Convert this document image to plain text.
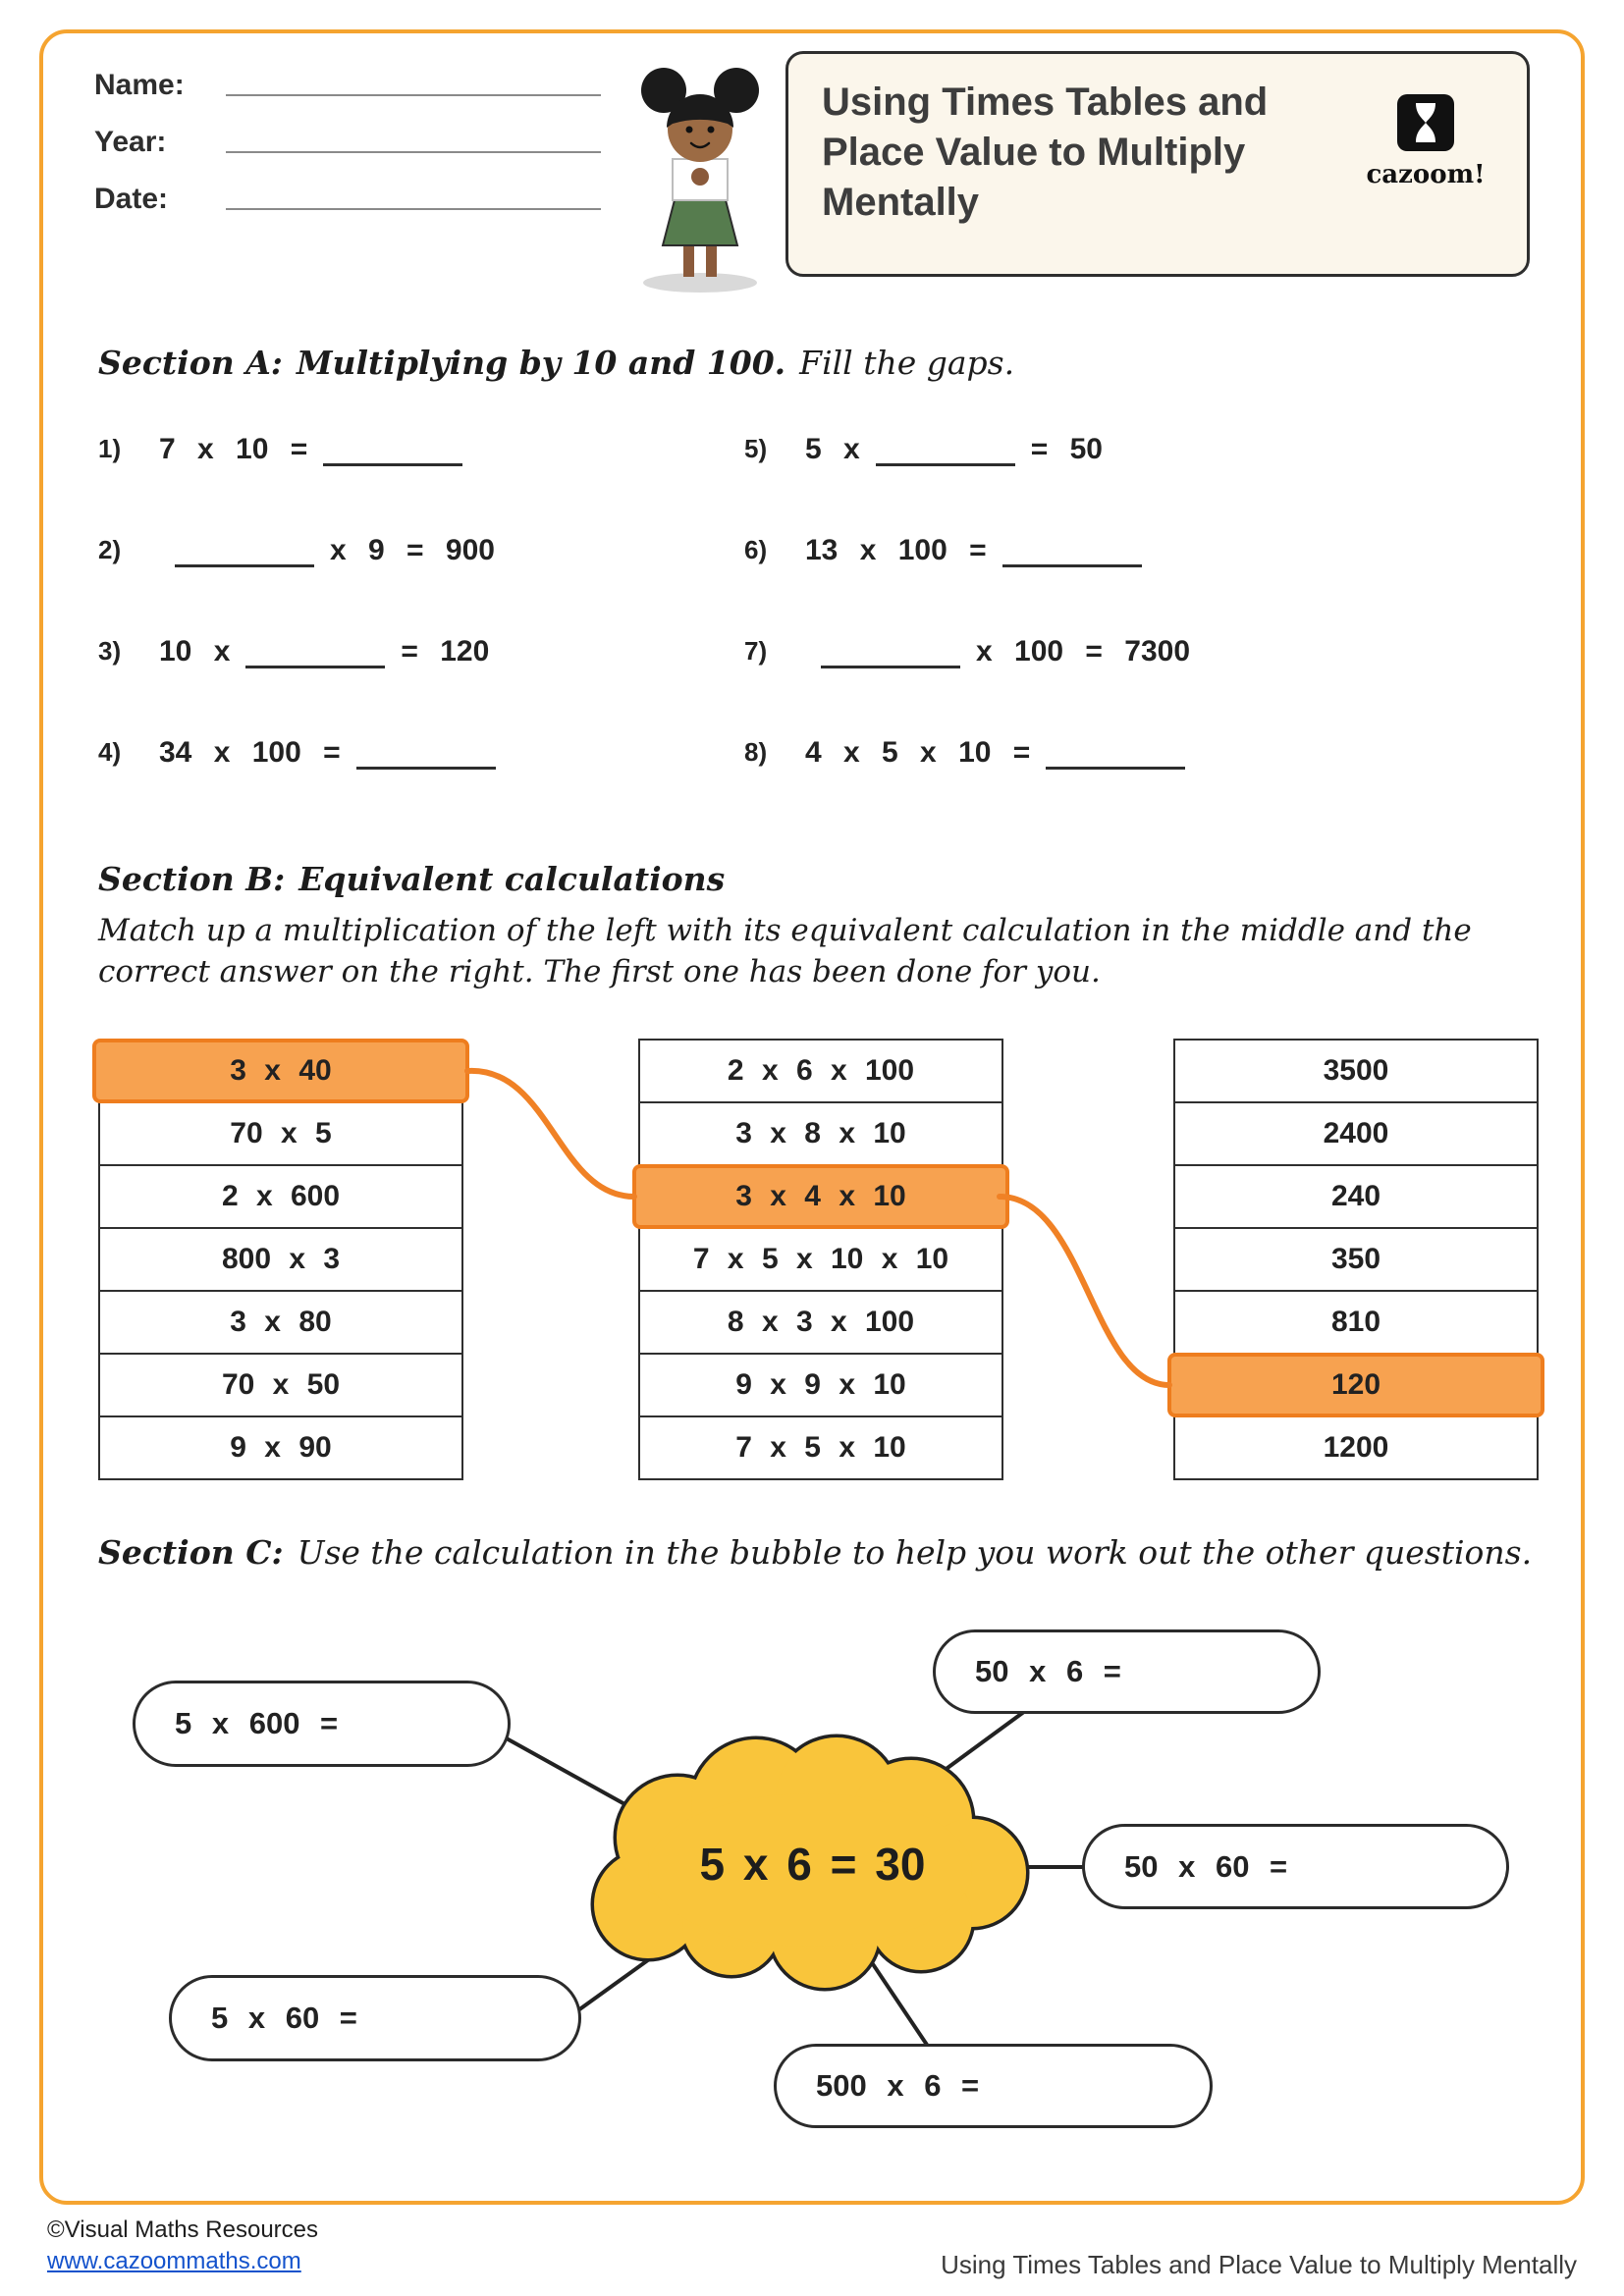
Name:
Year:
Date:
Using Times Tables and Place Value to Multiply Mentally
cazoom!
Section A: Multiplying by 10 and 100. Fill the gaps.
1)	7 x 10 =	5)	5 x	= 50
2)	x 9 = 900	6)	13 x 100 =
3)	10 x	= 120	7)	x 100 = 7300
4)	34 x 100 =	8)	4 x 5 x 10 =
Section B: Equivalent calculations
Match up a multiplication of the left with its equivalent calculation in the middle and the correct answer on the right. The first one has been done for you.
3 x 40
70 x 5
2 x 600
800 x 3
3 x 80
70 x 50
9 x 90
2 x 6 x 100
3 x 8 x 10
3 x 4 x 10
7 x 5 x 10 x 10
8 x 3 x 100
9 x 9 x 10
7 x 5 x 10
3500
2400
240
350
810
120
1200
Section C: Use the calculation in the bubble to help you work out the other questions.
5 x 6 = 30
5 x 600 =
50 x 6 =
50 x 60 =
5 x 60 =
500 x 6 =
©Visual Maths Resources
www.cazoommaths.com	Using Times Tables and Place Value to Multiply Mentally
